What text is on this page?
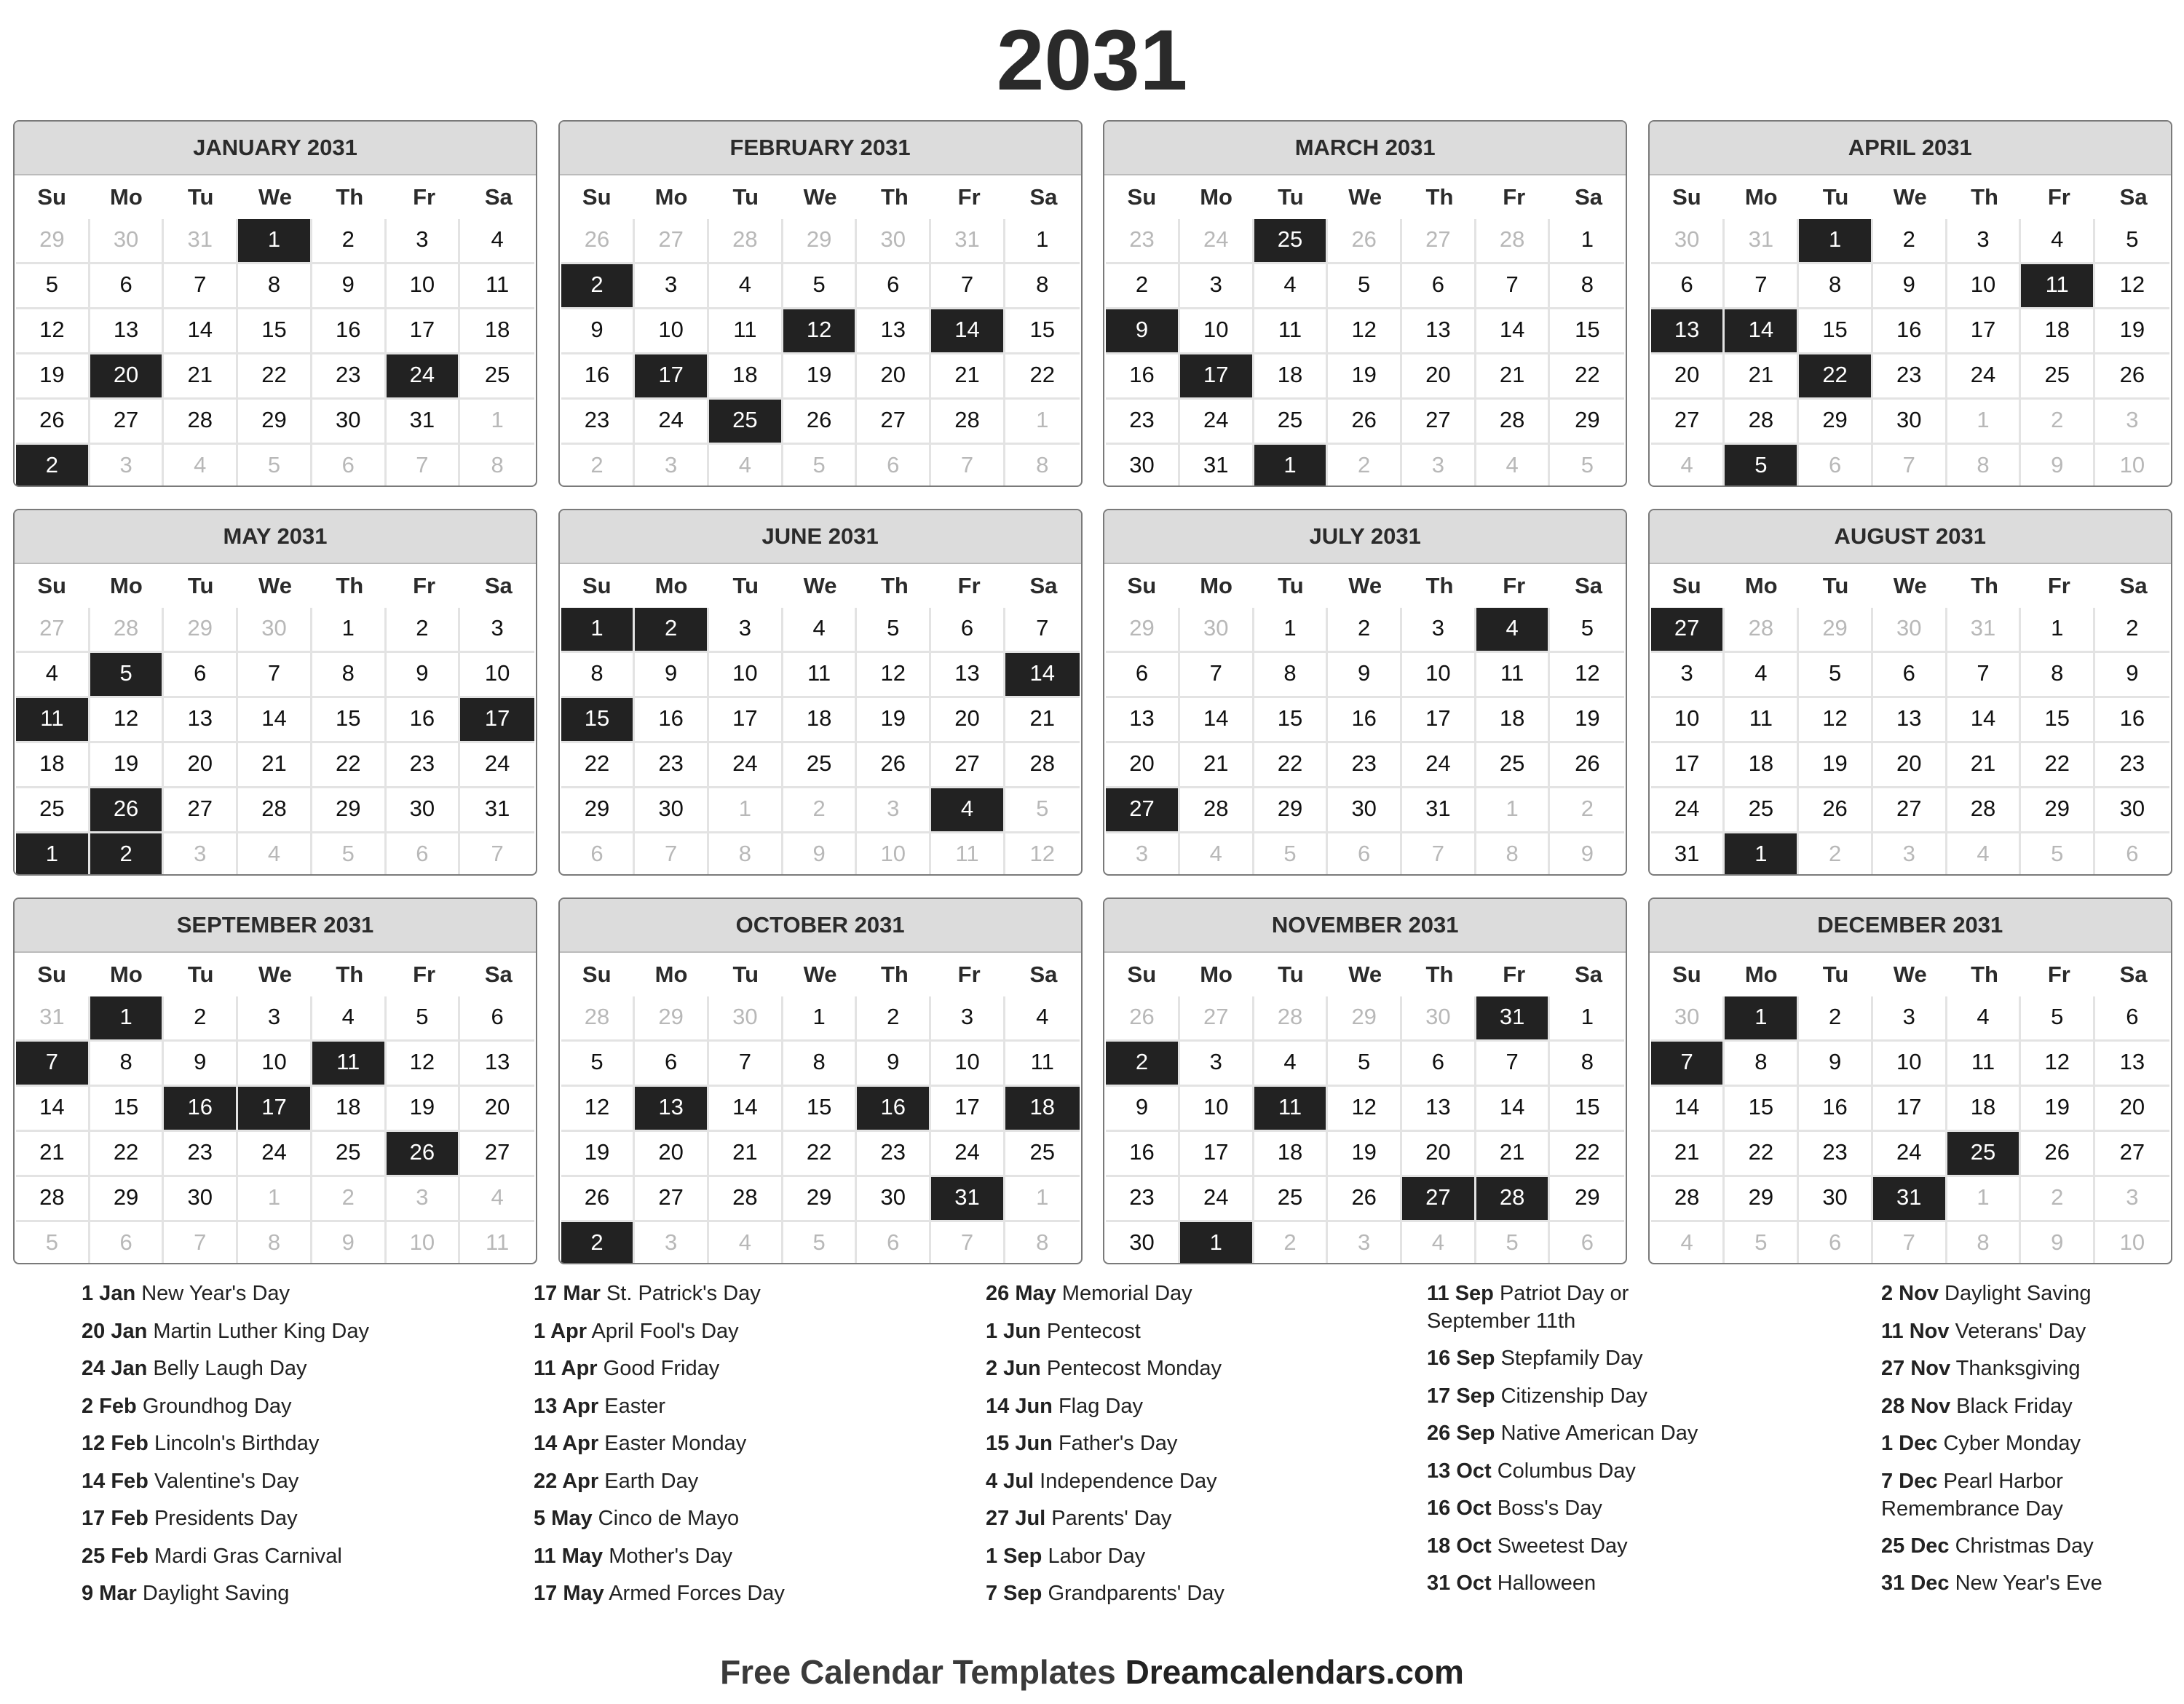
2031
JANUARY 2031
Su	Mo	Tu	We	Th	Fr	Sa
29	30	31	1	2	3	4
5	6	7	8	9	10	11
12	13	14	15	16	17	18
19	20	21	22	23	24	25
26	27	28	29	30	31	1
2	3	4	5	6	7	8
FEBRUARY 2031
Su	Mo	Tu	We	Th	Fr	Sa
26	27	28	29	30	31	1
2	3	4	5	6	7	8
9	10	11	12	13	14	15
16	17	18	19	20	21	22
23	24	25	26	27	28	1
2	3	4	5	6	7	8
MARCH 2031
Su	Mo	Tu	We	Th	Fr	Sa
23	24	25	26	27	28	1
2	3	4	5	6	7	8
9	10	11	12	13	14	15
16	17	18	19	20	21	22
23	24	25	26	27	28	29
30	31	1	2	3	4	5
APRIL 2031
Su	Mo	Tu	We	Th	Fr	Sa
30	31	1	2	3	4	5
6	7	8	9	10	11	12
13	14	15	16	17	18	19
20	21	22	23	24	25	26
27	28	29	30	1	2	3
4	5	6	7	8	9	10
MAY 2031
Su	Mo	Tu	We	Th	Fr	Sa
27	28	29	30	1	2	3
4	5	6	7	8	9	10
11	12	13	14	15	16	17
18	19	20	21	22	23	24
25	26	27	28	29	30	31
1	2	3	4	5	6	7
JUNE 2031
Su	Mo	Tu	We	Th	Fr	Sa
1	2	3	4	5	6	7
8	9	10	11	12	13	14
15	16	17	18	19	20	21
22	23	24	25	26	27	28
29	30	1	2	3	4	5
6	7	8	9	10	11	12
JULY 2031
Su	Mo	Tu	We	Th	Fr	Sa
29	30	1	2	3	4	5
6	7	8	9	10	11	12
13	14	15	16	17	18	19
20	21	22	23	24	25	26
27	28	29	30	31	1	2
3	4	5	6	7	8	9
AUGUST 2031
Su	Mo	Tu	We	Th	Fr	Sa
27	28	29	30	31	1	2
3	4	5	6	7	8	9
10	11	12	13	14	15	16
17	18	19	20	21	22	23
24	25	26	27	28	29	30
31	1	2	3	4	5	6
SEPTEMBER 2031
Su	Mo	Tu	We	Th	Fr	Sa
31	1	2	3	4	5	6
7	8	9	10	11	12	13
14	15	16	17	18	19	20
21	22	23	24	25	26	27
28	29	30	1	2	3	4
5	6	7	8	9	10	11
OCTOBER 2031
Su	Mo	Tu	We	Th	Fr	Sa
28	29	30	1	2	3	4
5	6	7	8	9	10	11
12	13	14	15	16	17	18
19	20	21	22	23	24	25
26	27	28	29	30	31	1
2	3	4	5	6	7	8
NOVEMBER 2031
Su	Mo	Tu	We	Th	Fr	Sa
26	27	28	29	30	31	1
2	3	4	5	6	7	8
9	10	11	12	13	14	15
16	17	18	19	20	21	22
23	24	25	26	27	28	29
30	1	2	3	4	5	6
DECEMBER 2031
Su	Mo	Tu	We	Th	Fr	Sa
30	1	2	3	4	5	6
7	8	9	10	11	12	13
14	15	16	17	18	19	20
21	22	23	24	25	26	27
28	29	30	31	1	2	3
4	5	6	7	8	9	10
1 Jan New Year's Day
20 Jan Martin Luther King Day
24 Jan Belly Laugh Day
2 Feb Groundhog Day
12 Feb Lincoln's Birthday
14 Feb Valentine's Day
17 Feb Presidents Day
25 Feb Mardi Gras Carnival
9 Mar Daylight Saving
17 Mar St. Patrick's Day
1 Apr April Fool's Day
11 Apr Good Friday
13 Apr Easter
14 Apr Easter Monday
22 Apr Earth Day
5 May Cinco de Mayo
11 May Mother's Day
17 May Armed Forces Day
26 May Memorial Day
1 Jun Pentecost
2 Jun Pentecost Monday
14 Jun Flag Day
15 Jun Father's Day
4 Jul Independence Day
27 Jul Parents' Day
1 Sep Labor Day
7 Sep Grandparents' Day
11 Sep Patriot Day or September 11th
16 Sep Stepfamily Day
17 Sep Citizenship Day
26 Sep Native American Day
13 Oct Columbus Day
16 Oct Boss's Day
18 Oct Sweetest Day
31 Oct Halloween
2 Nov Daylight Saving
11 Nov Veterans' Day
27 Nov Thanksgiving
28 Nov Black Friday
1 Dec Cyber Monday
7 Dec Pearl Harbor Remembrance Day
25 Dec Christmas Day
31 Dec New Year's Eve
Free Calendar Templates Dreamcalendars.com
